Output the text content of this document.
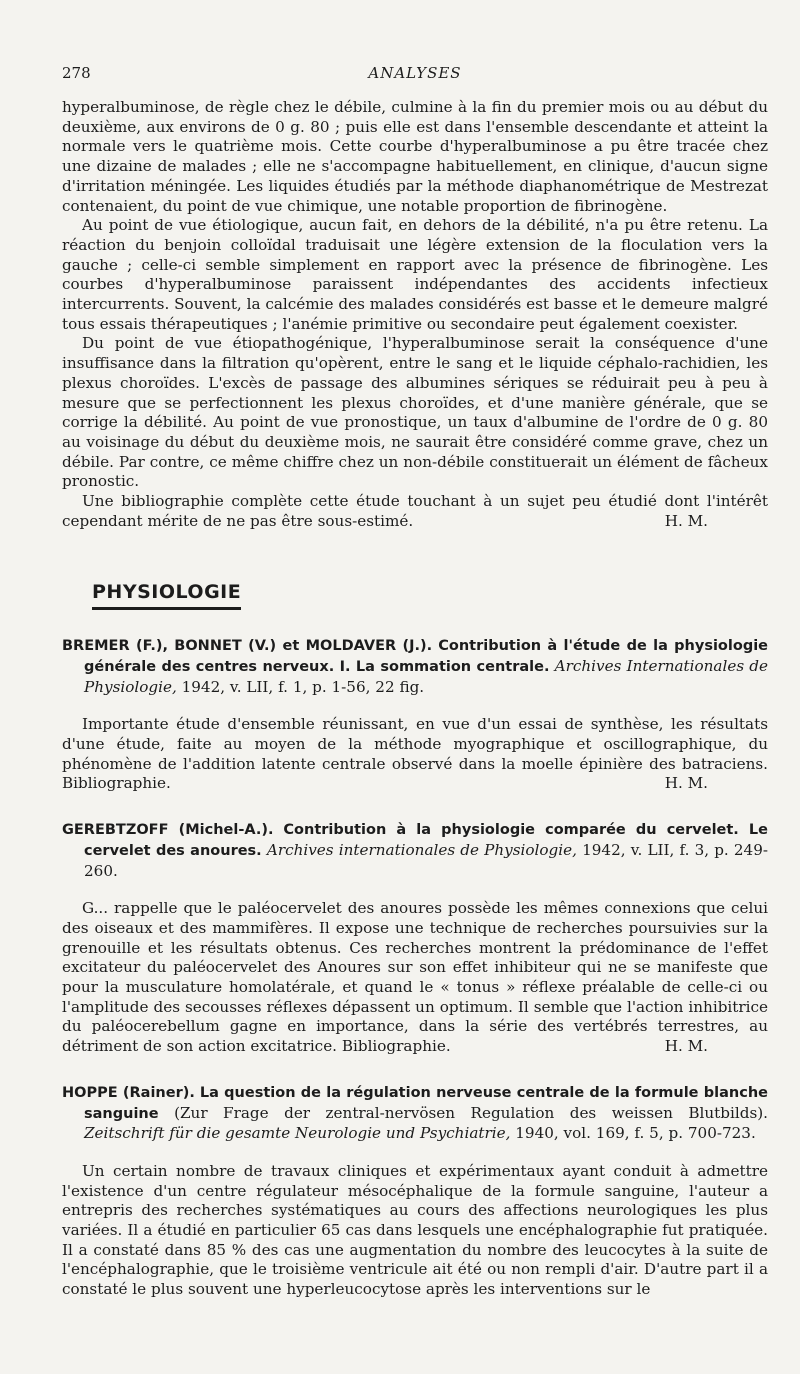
278	ANALYSES

hyperalbuminose, de règle chez le débile, culmine à la fin du premier mois ou au début du deuxième, aux environs de 0 g. 80 ; puis elle est dans l'ensemble descendante et atteint la normale vers le quatrième mois. Cette courbe d'hyperalbuminose a pu être tracée chez une dizaine de malades ; elle ne s'accompagne habituellement, en clinique, d'aucun signe d'irritation méningée. Les liquides étudiés par la méthode diaphanométrique de Mestrezat contenaient, du point de vue chimique, une notable proportion de fibrinogène.

Au point de vue étiologique, aucun fait, en dehors de la débilité, n'a pu être retenu. La réaction du benjoin colloïdal traduisait une légère extension de la floculation vers la gauche ; celle-ci semble simplement en rapport avec la présence de fibrinogène. Les courbes d'hyperalbuminose paraissent indépendantes des accidents infectieux intercurrents. Souvent, la calcémie des malades considérés est basse et le demeure malgré tous essais thérapeutiques ; l'anémie primitive ou secondaire peut également coexister.

Du point de vue étiopathogénique, l'hyperalbuminose serait la conséquence d'une insuffisance dans la filtration qu'opèrent, entre le sang et le liquide céphalo-rachidien, les plexus choroïdes. L'excès de passage des albumines sériques se réduirait peu à peu à mesure que se perfectionnent les plexus choroïdes, et d'une manière générale, que se corrige la débilité. Au point de vue pronostique, un taux d'albumine de l'ordre de 0 g. 80 au voisinage du début du deuxième mois, ne saurait être considéré comme grave, chez un débile. Par contre, ce même chiffre chez un non-débile constituerait un élément de fâcheux pronostic.

Une bibliographie complète cette étude touchant à un sujet peu étudié dont l'intérêt cependant mérite de ne pas être sous-estimé.	H. M.

PHYSIOLOGIE

BREMER (F.), BONNET (V.) et MOLDAVER (J.). Contribution à l'étude de la physiologie générale des centres nerveux. I. La sommation centrale. Archives Internationales de Physiologie, 1942, v. LII, f. 1, p. 1-56, 22 fig.

Importante étude d'ensemble réunissant, en vue d'un essai de synthèse, les résultats d'une étude, faite au moyen de la méthode myographique et oscillographique, du phénomène de l'addition latente centrale observé dans la moelle épinière des batraciens. Bibliographie.	H. M.

GEREBTZOFF (Michel-A.). Contribution à la physiologie comparée du cervelet. Le cervelet des anoures. Archives internationales de Physiologie, 1942, v. LII, f. 3, p. 249-260.

G... rappelle que le paléocervelet des anoures possède les mêmes connexions que celui des oiseaux et des mammifères. Il expose une technique de recherches poursuivies sur la grenouille et les résultats obtenus. Ces recherches montrent la prédominance de l'effet excitateur du paléocervelet des Anoures sur son effet inhibiteur qui ne se manifeste que pour la musculature homolatérale, et quand le « tonus » réflexe préalable de celle-ci ou l'amplitude des secousses réflexes dépassent un optimum. Il semble que l'action inhibitrice du paléocerebellum gagne en importance, dans la série des vertébrés terrestres, au détriment de son action excitatrice. Bibliographie.	H. M.

HOPPE (Rainer). La question de la régulation nerveuse centrale de la formule blanche sanguine (Zur Frage der zentral-nervösen Regulation des weissen Blutbilds). Zeitschrift für die gesamte Neurologie und Psychiatrie, 1940, vol. 169, f. 5, p. 700-723.

Un certain nombre de travaux cliniques et expérimentaux ayant conduit à admettre l'existence d'un centre régulateur mésocéphalique de la formule sanguine, l'auteur a entrepris des recherches systématiques au cours des affections neurologiques les plus variées. Il a étudié en particulier 65 cas dans lesquels une encéphalographie fut pratiquée. Il a constaté dans 85 % des cas une augmentation du nombre des leucocytes à la suite de l'encéphalographie, que le troisième ventricule ait été ou non rempli d'air. D'autre part il a constaté le plus souvent une hyperleucocytose après les interventions sur le
